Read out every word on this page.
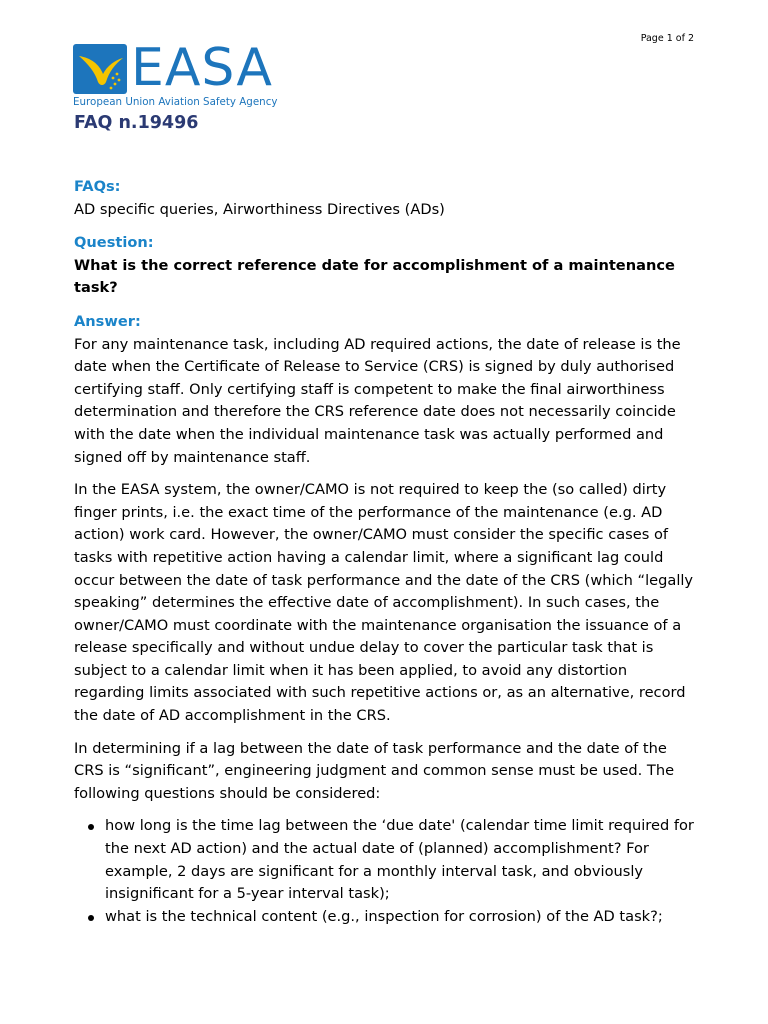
Page 1 of 2
EASA
European Union Aviation Safety Agency
FAQ n.19496

FAQs:

AD specific queries, Airworthiness Directives (ADs)

Question:

What is the correct reference date for accomplishment of a maintenance task?

Answer:

For any maintenance task, including AD required actions, the date of release is the date when the Certificate of Release to Service (CRS) is signed by duly authorised certifying staff. Only certifying staff is competent to make the final airworthiness determination and therefore the CRS reference date does not necessarily coincide with the date when the individual maintenance task was actually performed and signed off by maintenance staff.

In the EASA system, the owner/CAMO is not required to keep the (so called) dirty finger prints, i.e. the exact time of the performance of the maintenance (e.g. AD action) work card. However, the owner/CAMO must consider the specific cases of tasks with repetitive action having a calendar limit, where a significant lag could occur between the date of task performance and the date of the CRS (which “legally speaking” determines the effective date of accomplishment). In such cases, the owner/CAMO must coordinate with the maintenance organisation the issuance of a release specifically and without undue delay to cover the particular task that is subject to a calendar limit when it has been applied, to avoid any distortion regarding limits associated with such repetitive actions or, as an alternative, record the date of AD accomplishment in the CRS.

In determining if a lag between the date of task performance and the date of the CRS is “significant”, engineering judgment and common sense must be used. The following questions should be considered:

how long is the time lag between the ‘due date' (calendar time limit required for the next AD action) and the actual date of (planned) accomplishment? For example, 2 days are significant for a monthly interval task, and obviously insignificant for a 5-year interval task);
what is the technical content (e.g., inspection for corrosion) of the AD task?;
